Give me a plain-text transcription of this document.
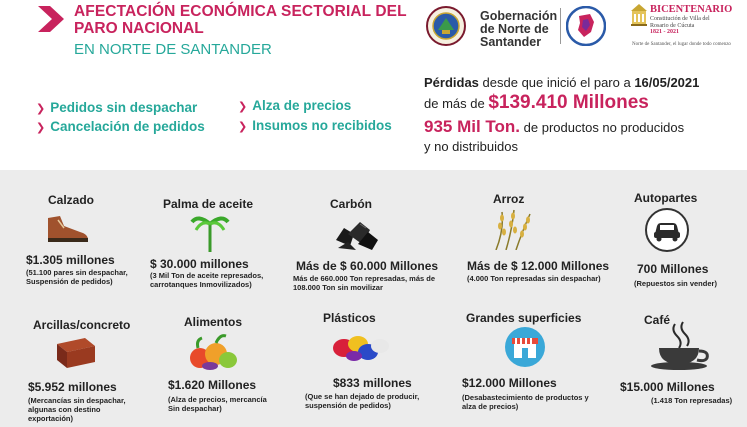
AFECTACIÓN ECONÓMICA SECTORIAL DEL
PARO NACIONAL
EN NORTE DE SANTANDER
Gobernación
de Norte de
Santander
BICENTENARIO
Constitución de Villa del
Rosario de Cúcuta
1821 - 2021
Norte de Santander, el lugar donde todo comenzo
❯ Pedidos sin despachar
❯ Cancelación de pedidos
❯ Alza de precios
❯ Insumos no recibidos
Pérdidas desde que inició el paro a 16/05/2021
de más de $139.410 Millones
935 Mil Ton. de productos no producidos
y no distribuidos
Calzado
$1.305 millones
(51.100 pares sin despachar,
Suspensión de pedidos)
Palma de aceite
$ 30.000 millones
(3 Mil Ton de aceite represados,
carrotanques Inmovilizados)
Carbón
Más de $ 60.000 Millones
Más de 660.000 Ton represadas, más de
108.000 Ton sin movilizar
Arroz
Más de $ 12.000 Millones
(4.000 Ton represadas sin despachar)
Autopartes
700 Millones
(Repuestos sin vender)
Arcillas/concreto
$5.952 millones
(Mercancías sin despachar,
algunas con destino
exportación)
Alimentos
$1.620 Millones
(Alza de precios, mercancía
Sin despachar)
Plásticos
$833 millones
(Que se han dejado de producir,
suspensión de pedidos)
Grandes superficies
$12.000 Millones
(Desabastecimiento de productos y
alza de precios)
Café
$15.000 Millones
(1.418 Ton represadas)
